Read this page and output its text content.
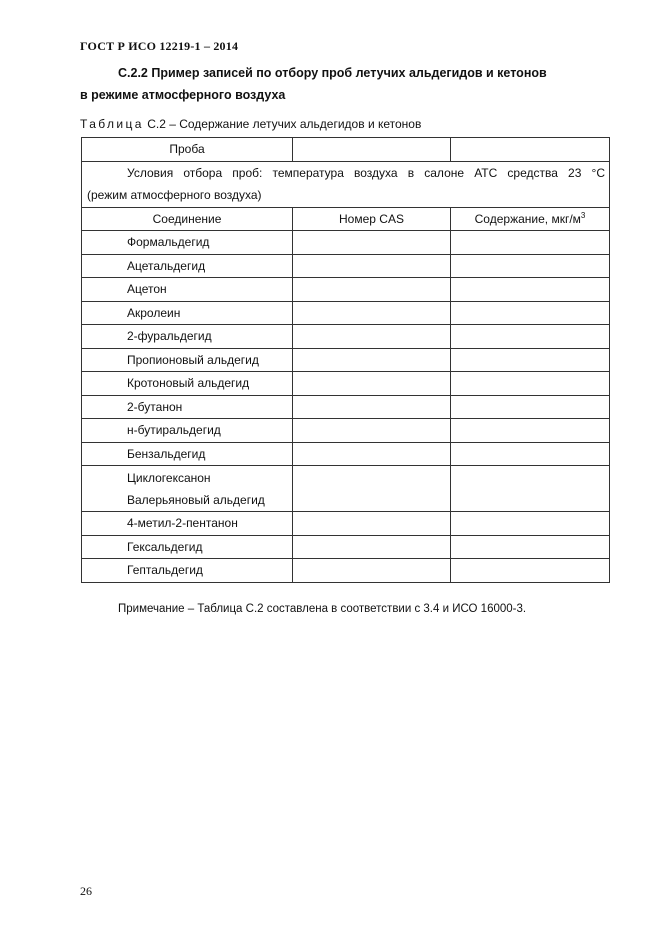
ГОСТ Р ИСО 12219-1 – 2014
С.2.2 Пример записей по отбору проб летучих альдегидов и кетонов
в режиме атмосферного воздуха
Таблица С.2 – Содержание летучих альдегидов и кетонов
Проба		

Условия отбора проб: температура воздуха в салоне АТС средства 23 °С
(режим атмосферного воздуха)		
Соединение	Номер CAS	Содержание, мкг/$м^3$
Формальдегид		
Ацетальдегид		
Ацетон		
Акролеин		
2-фуральдегид		
Пропионовый альдегид		
Кротоновый альдегид		
2-бутанон		
н-бутиральдегид		
Бензальдегид		

Циклогексанон
Валерьяновый альдегид		

4-метил-2-пентанон		
Гексальдегид		
Гептальдегид		
Примечание – Таблица С.2 составлена в соответствии с 3.4 и ИСО 16000-3.
26
